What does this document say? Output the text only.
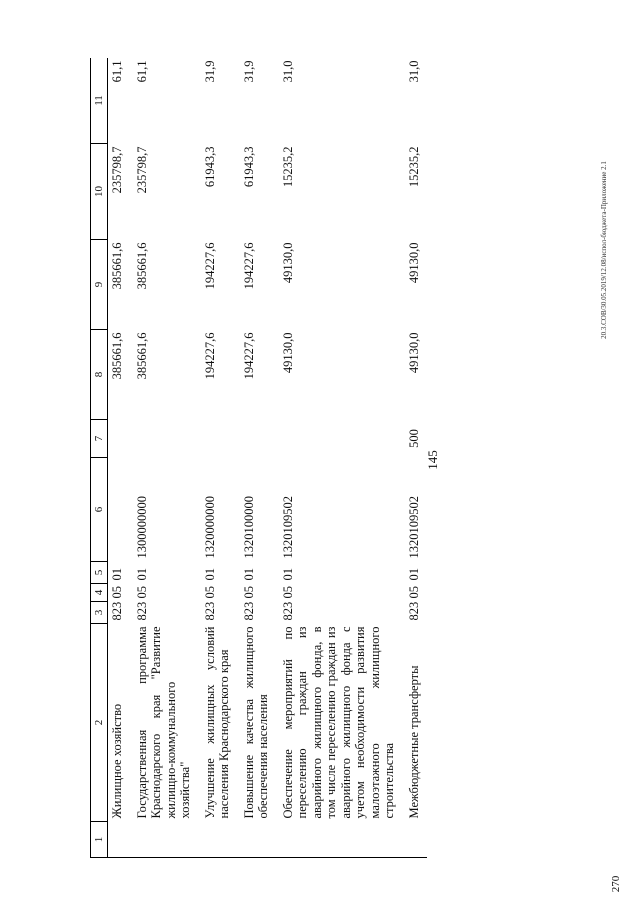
145
20.3.СОВ/30.05.2019/12.08/испол-бюджета-Приложение 2.1
270
1	2	3	4	5	6	7	8	9	10	11
	Жилищное хозяйство	823	05	01			385661,6	385661,6	235798,7	61,1
	Государственная программа Краснодарского края "Развитие жилищно-коммунального хозяйства"	823	05	01	1300000000		385661,6	385661,6	235798,7	61,1
	Улучшение жилищных условий населения Краснодарского края	823	05	01	1320000000		194227,6	194227,6	61943,3	31,9
	Повышение качества жилищного обеспечения населения	823	05	01	1320100000		194227,6	194227,6	61943,3	31,9
	Обеспечение мероприятий по переселению граждан из аварийного жилищного фонда, в том числе переселению граждан из аварийного жилищного фонда с учетом необходимости развития малоэтажного жилищного строительства	823	05	01	1320109502		49130,0	49130,0	15235,2	31,0
	Межбюджетные трансферты	823	05	01	1320109502	500	49130,0	49130,0	15235,2	31,0
